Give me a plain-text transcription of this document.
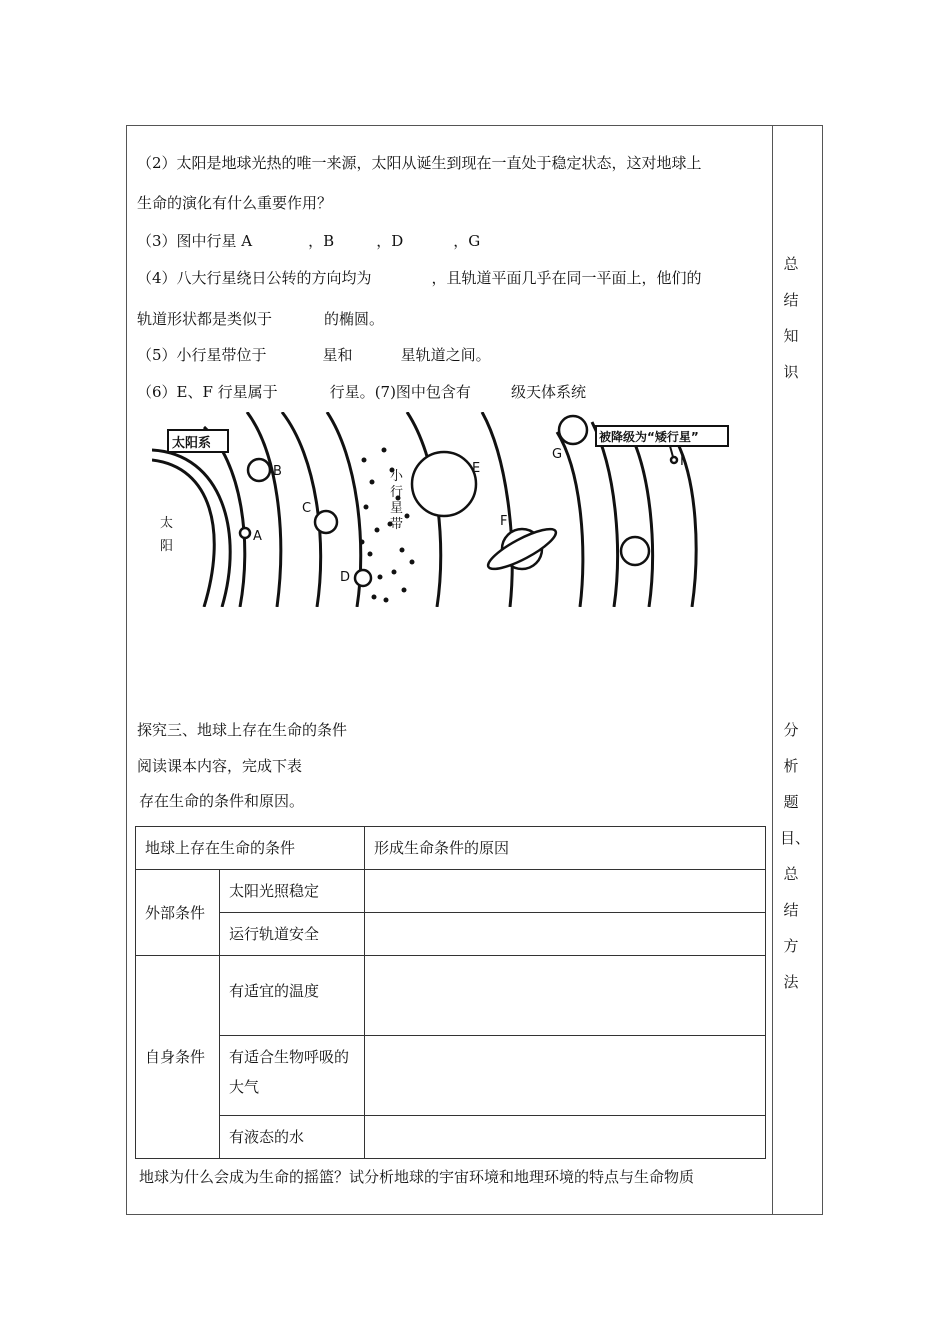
（2）太阳是地球光热的唯一来源，太阳从诞生到现在一直处于稳定状态，这对地球上
生命的演化有什么重要作用？
（3）图中行星 A	，B	，D	，G
（4）八大行星绕日公转的方向均为	，且轨道平面几乎在同一平面上，他们的
轨道形状都是类似于	的椭圆。
（5）小行星带位于	星和	星轨道之间。
（6）E、F 行星属于	行星。(7)图中包含有	级天体系统
总结知识
分析题目、总结方法
太阳系
太
阳
A
B
C
D
E
F
G	I
小
行
星
带
被降级为“矮行星”
探究三、地球上存在生命的条件
阅读课本内容，完成下表
存在生命的条件和原因。
地球上存在生命的条件		形成生命条件的原因
外部条件	太阳光照稳定	
	运行轨道安全	
自身条件	有适宜的温度	
	有适合生物呼吸的大气	
	有液态的水	
地球为什么会成为生命的摇篮？试分析地球的宇宙环境和地理环境的特点与生命物质
